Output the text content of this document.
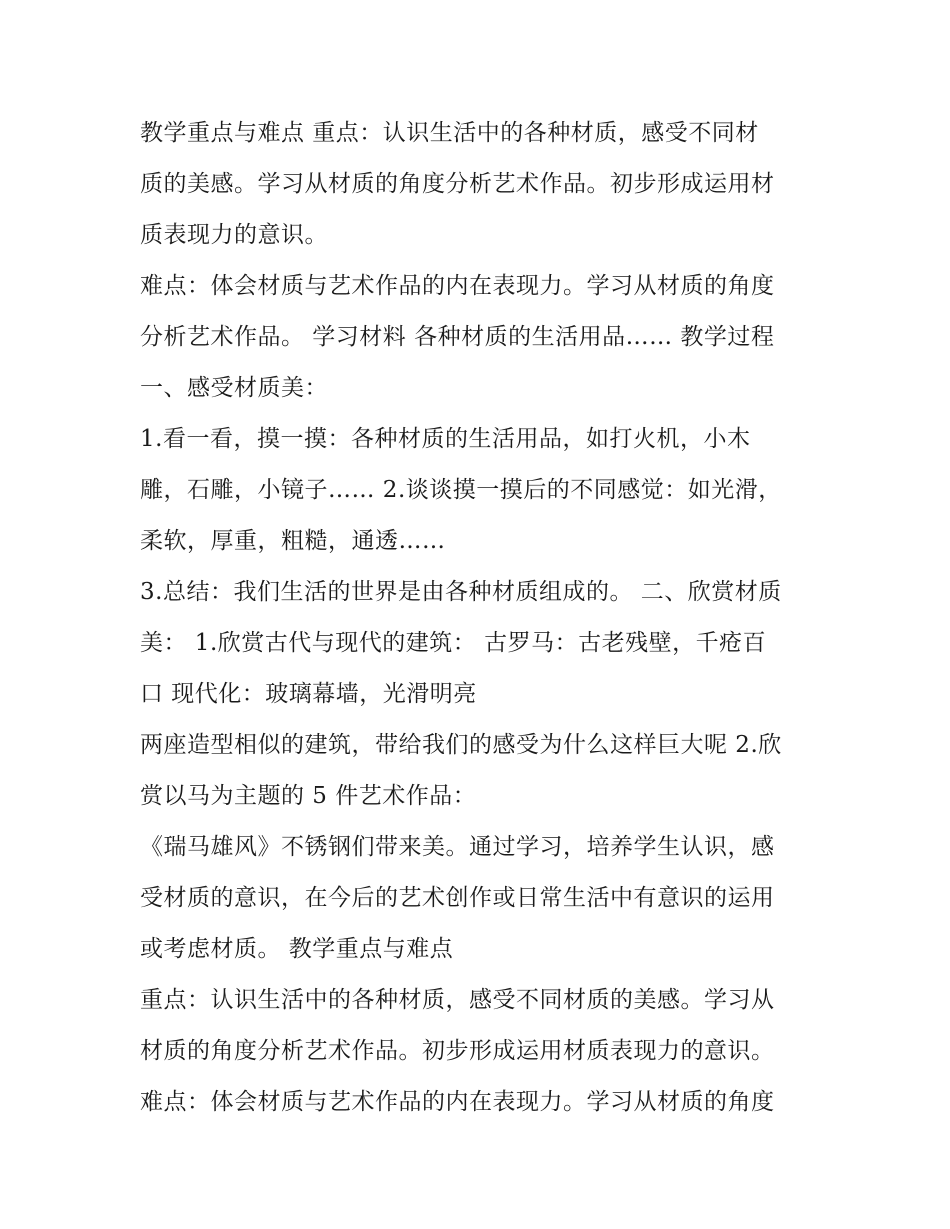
教学重点与难点 重点：认识生活中的各种材质，感受不同材
质的美感。学习从材质的角度分析艺术作品。初步形成运用材
质表现力的意识。
难点：体会材质与艺术作品的内在表现力。学习从材质的角度
分析艺术作品。 学习材料 各种材质的生活用品…… 教学过程
一、感受材质美：
1.看一看，摸一摸：各种材质的生活用品，如打火机，小木
雕，石雕，小镜子…… 2.谈谈摸一摸后的不同感觉：如光滑，
柔软，厚重，粗糙，通透……
3.总结：我们生活的世界是由各种材质组成的。 二、欣赏材质
美： 1.欣赏古代与现代的建筑： 古罗马：古老残壁，千疮百
口 现代化：玻璃幕墙，光滑明亮
两座造型相似的建筑，带给我们的感受为什么这样巨大呢 2.欣
赏以马为主题的 5 件艺术作品：
《瑞马雄风》不锈钢们带来美。通过学习，培养学生认识，感
受材质的意识，在今后的艺术创作或日常生活中有意识的运用
或考虑材质。 教学重点与难点
重点：认识生活中的各种材质，感受不同材质的美感。学习从
材质的角度分析艺术作品。初步形成运用材质表现力的意识。
难点：体会材质与艺术作品的内在表现力。学习从材质的角度
